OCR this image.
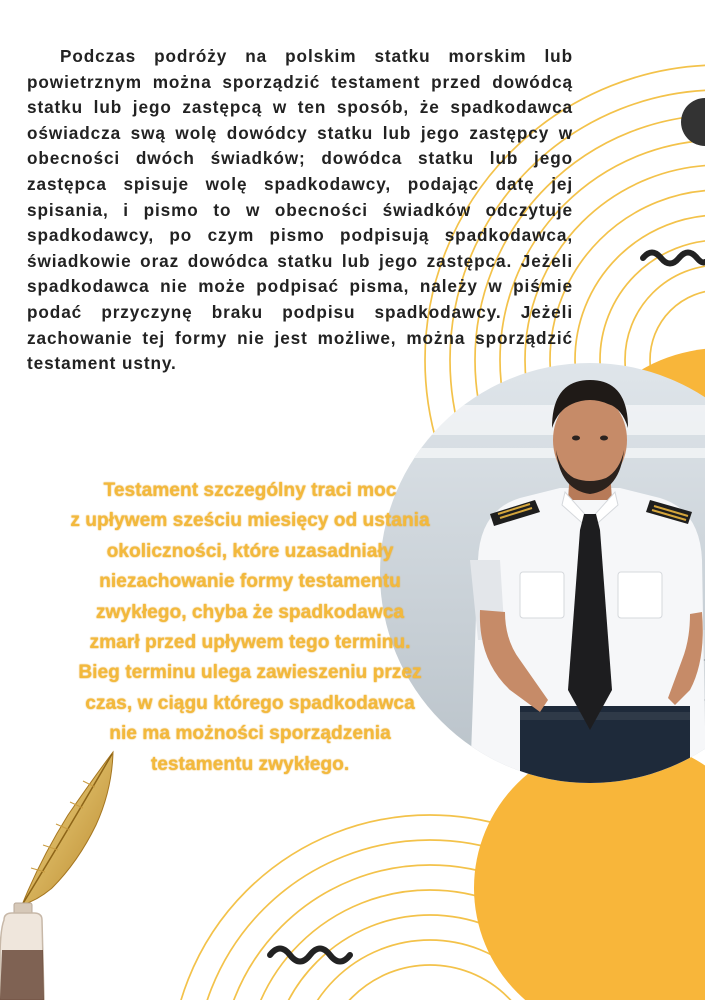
Podczas podróży na polskim statku morskim lub powietrznym można sporządzić testament przed dowódcą statku lub jego zastępcą w ten sposób, że spadkodawca oświadcza swą wolę dowódcy statku lub jego zastępcy w obecności dwóch świadków; dowódca statku lub jego zastępca spisuje wolę spadkodawcy, podając datę jej spisania, i pismo to w obecności świadków odczytuje spadkodawcy, po czym pismo podpisują spadkodawca, świadkowie oraz dowódca statku lub jego zastępca. Jeżeli spadkodawca nie może podpisać pisma, należy w piśmie podać przyczynę braku podpisu spadkodawcy. Jeżeli zachowanie tej formy nie jest możliwe, można sporządzić testament ustny.

Testament szczególny traci moc
z upływem sześciu miesięcy od ustania
okoliczności, które uzasadniały
niezachowanie formy testamentu
zwykłego, chyba że spadkodawca
zmarł przed upływem tego terminu.
Bieg terminu ulega zawieszeniu przez
czas, w ciągu którego spadkodawca
nie ma możności sporządzenia
testamentu zwykłego.
